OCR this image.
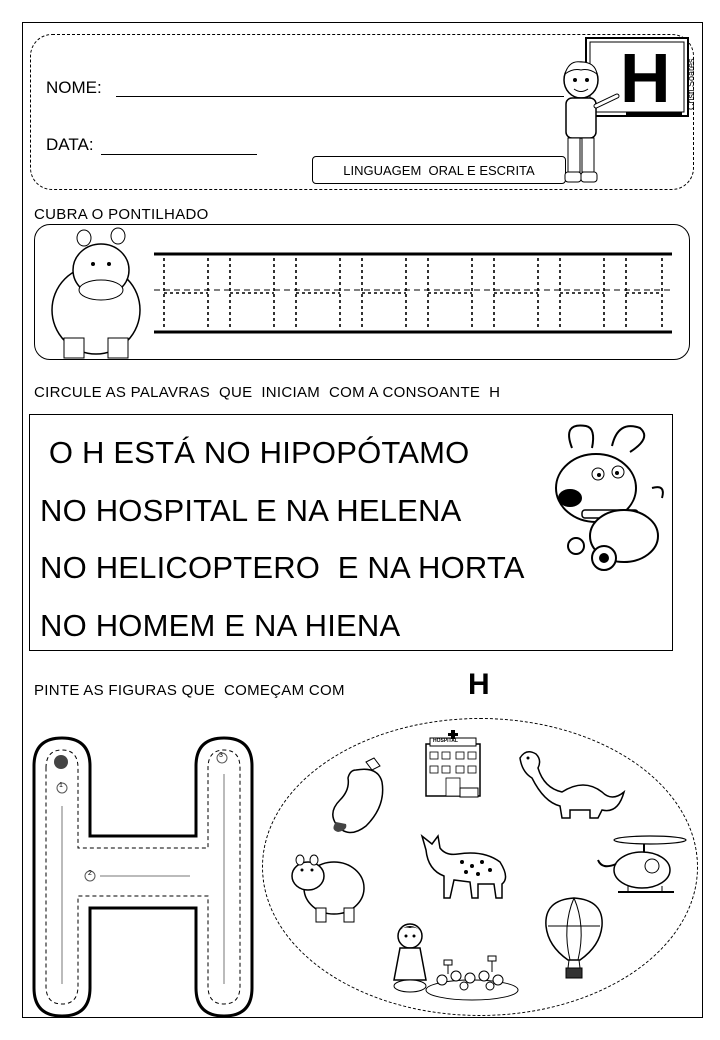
NOME:
DATA:
LINGUAGEM  ORAL E ESCRITA
H Cristi Soares
CUBRA O PONTILHADO
CIRCULE AS PALAVRAS  QUE  INICIAM  COM A CONSOANTE  H
O H ESTÁ NO HIPOPÓTAMO
NO HOSPITAL E NA HELENA
NO HELICOPTERO  E NA HORTA
NO HOMEM E NA HIENA
PINTE AS FIGURAS QUE  COMEÇAM COM	H
1
2
3
HOSPITAL
